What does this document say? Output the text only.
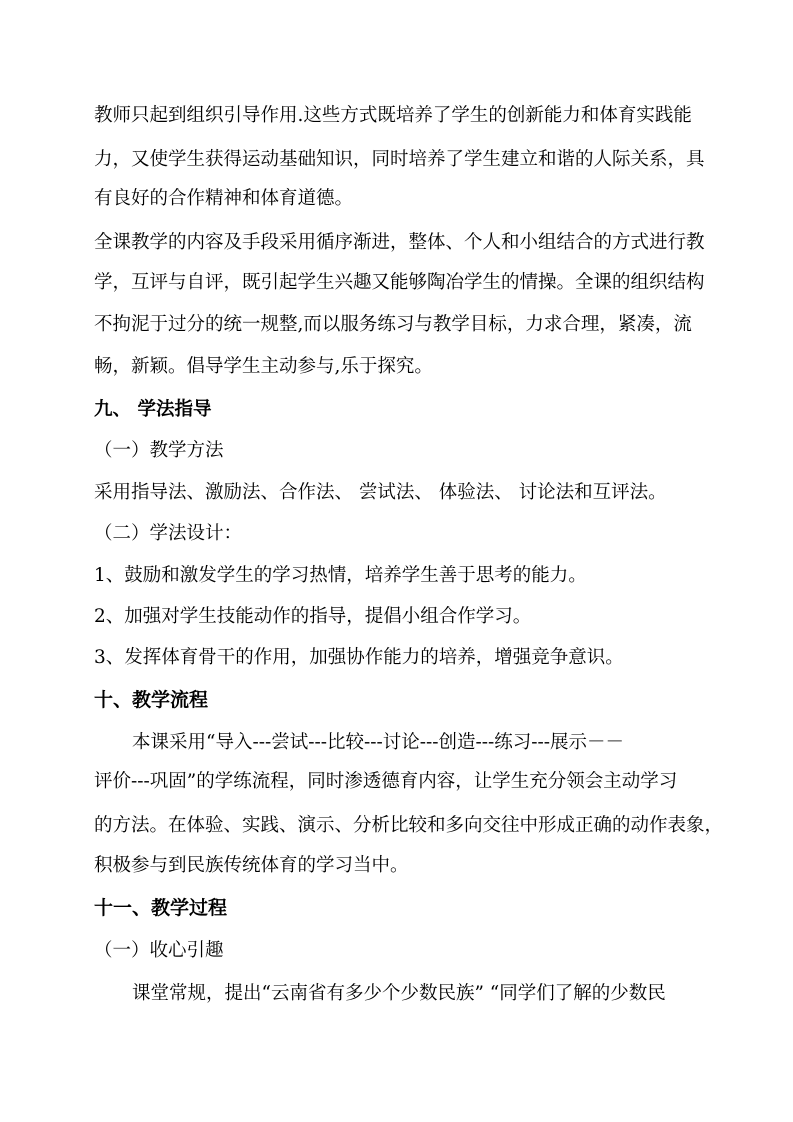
教师只起到组织引导作用.这些方式既培养了学生的创新能力和体育实践能
力，又使学生获得运动基础知识，同时培养了学生建立和谐的人际关系，具
有良好的合作精神和体育道德。
全课教学的内容及手段采用循序渐进，整体、个人和小组结合的方式进行教
学，互评与自评，既引起学生兴趣又能够陶冶学生的情操。全课的组织结构
不拘泥于过分的统一规整,而以服务练习与教学目标，力求合理，紧凑，流
畅，新颖。倡导学生主动参与,乐于探究。
九、 学法指导
（一）教学方法
采用指导法、激励法、合作法、 尝试法、 体验法、 讨论法和互评法。
（二）学法设计：
1、鼓励和激发学生的学习热情，培养学生善于思考的能力。
2、加强对学生技能动作的指导，提倡小组合作学习。
3、发挥体育骨干的作用，加强协作能力的培养，增强竞争意识。
十、教学流程
本课采用“导入---尝试---比较---讨论---创造---练习---展示－－
评价---巩固”的学练流程，同时渗透德育内容，让学生充分领会主动学习
的方法。在体验、实践、演示、分析比较和多向交往中形成正确的动作表象，
积极参与到民族传统体育的学习当中。
十一、教学过程
（一）收心引趣
课堂常规，提出“云南省有多少个少数民族” “同学们了解的少数民
